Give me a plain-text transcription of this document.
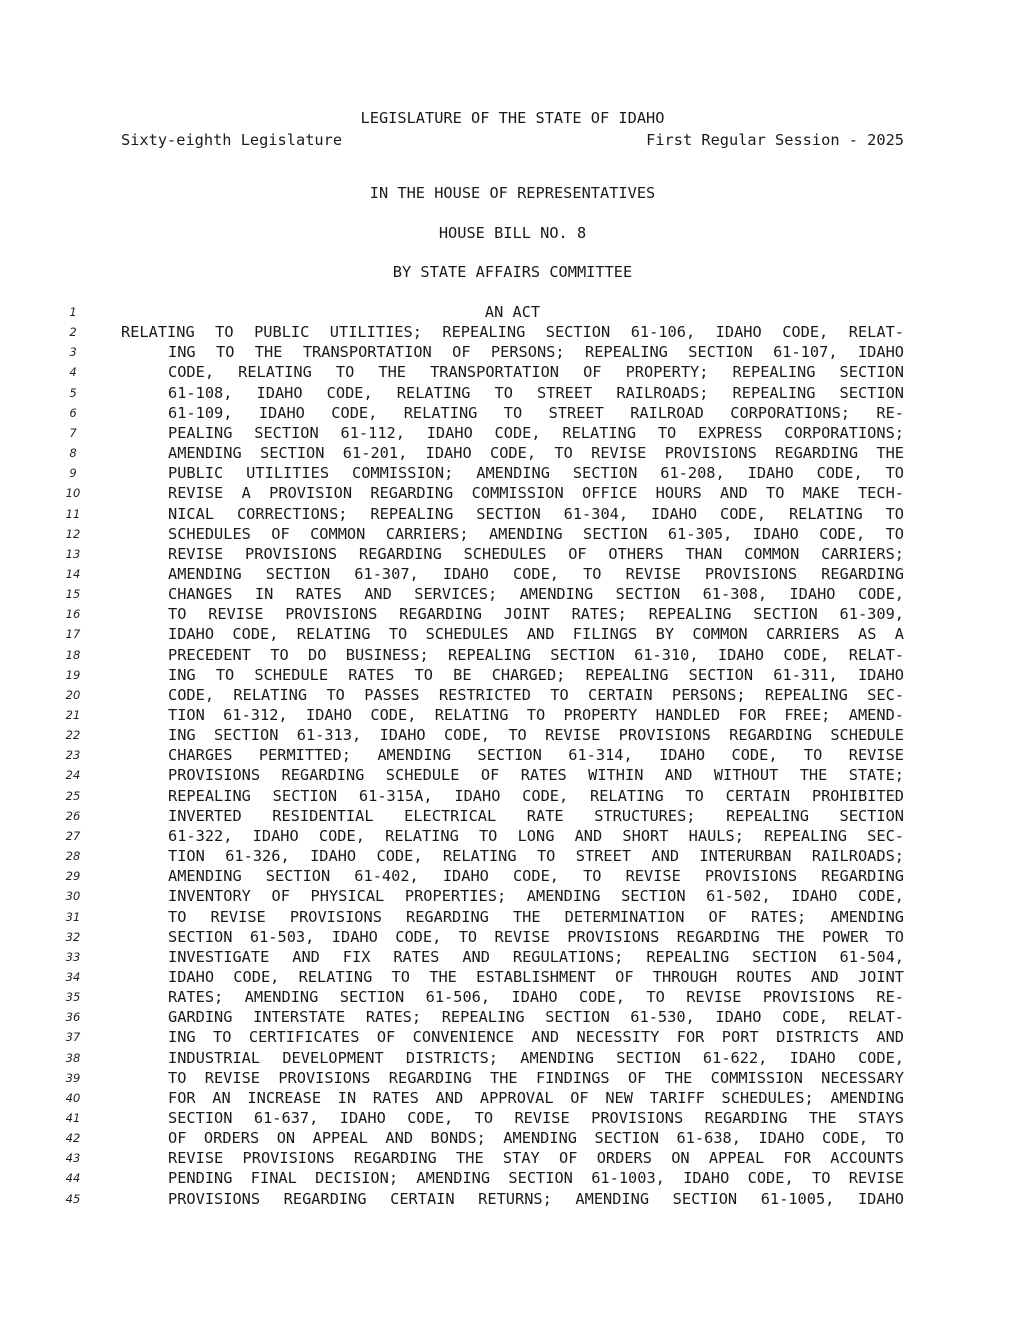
LEGISLATURE OF THE STATE OF IDAHO
Sixty-eighth Legislature	First Regular Session - 2025
IN THE HOUSE OF REPRESENTATIVES
HOUSE BILL NO. 8
BY STATE AFFAIRS COMMITTEE
1	AN ACT
2	RELATING TO PUBLIC UTILITIES; REPEALING SECTION 61-106, IDAHO CODE, RELAT-
3	ING TO THE TRANSPORTATION OF PERSONS; REPEALING SECTION 61-107, IDAHO
4	CODE, RELATING TO THE TRANSPORTATION OF PROPERTY; REPEALING SECTION
5	61-108, IDAHO CODE, RELATING TO STREET RAILROADS; REPEALING SECTION
6	61-109, IDAHO CODE, RELATING TO STREET RAILROAD CORPORATIONS; RE-
7	PEALING SECTION 61-112, IDAHO CODE, RELATING TO EXPRESS CORPORATIONS;
8	AMENDING SECTION 61-201, IDAHO CODE, TO REVISE PROVISIONS REGARDING THE
9	PUBLIC UTILITIES COMMISSION; AMENDING SECTION 61-208, IDAHO CODE, TO
10	REVISE A PROVISION REGARDING COMMISSION OFFICE HOURS AND TO MAKE TECH-
11	NICAL CORRECTIONS; REPEALING SECTION 61-304, IDAHO CODE, RELATING TO
12	SCHEDULES OF COMMON CARRIERS; AMENDING SECTION 61-305, IDAHO CODE, TO
13	REVISE PROVISIONS REGARDING SCHEDULES OF OTHERS THAN COMMON CARRIERS;
14	AMENDING SECTION 61-307, IDAHO CODE, TO REVISE PROVISIONS REGARDING
15	CHANGES IN RATES AND SERVICES; AMENDING SECTION 61-308, IDAHO CODE,
16	TO REVISE PROVISIONS REGARDING JOINT RATES; REPEALING SECTION 61-309,
17	IDAHO CODE, RELATING TO SCHEDULES AND FILINGS BY COMMON CARRIERS AS A
18	PRECEDENT TO DO BUSINESS; REPEALING SECTION 61-310, IDAHO CODE, RELAT-
19	ING TO SCHEDULE RATES TO BE CHARGED; REPEALING SECTION 61-311, IDAHO
20	CODE, RELATING TO PASSES RESTRICTED TO CERTAIN PERSONS; REPEALING SEC-
21	TION 61-312, IDAHO CODE, RELATING TO PROPERTY HANDLED FOR FREE; AMEND-
22	ING SECTION 61-313, IDAHO CODE, TO REVISE PROVISIONS REGARDING SCHEDULE
23	CHARGES PERMITTED; AMENDING SECTION 61-314, IDAHO CODE, TO REVISE
24	PROVISIONS REGARDING SCHEDULE OF RATES WITHIN AND WITHOUT THE STATE;
25	REPEALING SECTION 61-315A, IDAHO CODE, RELATING TO CERTAIN PROHIBITED
26	INVERTED RESIDENTIAL ELECTRICAL RATE STRUCTURES; REPEALING SECTION
27	61-322, IDAHO CODE, RELATING TO LONG AND SHORT HAULS; REPEALING SEC-
28	TION 61-326, IDAHO CODE, RELATING TO STREET AND INTERURBAN RAILROADS;
29	AMENDING SECTION 61-402, IDAHO CODE, TO REVISE PROVISIONS REGARDING
30	INVENTORY OF PHYSICAL PROPERTIES; AMENDING SECTION 61-502, IDAHO CODE,
31	TO REVISE PROVISIONS REGARDING THE DETERMINATION OF RATES; AMENDING
32	SECTION 61-503, IDAHO CODE, TO REVISE PROVISIONS REGARDING THE POWER TO
33	INVESTIGATE AND FIX RATES AND REGULATIONS; REPEALING SECTION 61-504,
34	IDAHO CODE, RELATING TO THE ESTABLISHMENT OF THROUGH ROUTES AND JOINT
35	RATES; AMENDING SECTION 61-506, IDAHO CODE, TO REVISE PROVISIONS RE-
36	GARDING INTERSTATE RATES; REPEALING SECTION 61-530, IDAHO CODE, RELAT-
37	ING TO CERTIFICATES OF CONVENIENCE AND NECESSITY FOR PORT DISTRICTS AND
38	INDUSTRIAL DEVELOPMENT DISTRICTS; AMENDING SECTION 61-622, IDAHO CODE,
39	TO REVISE PROVISIONS REGARDING THE FINDINGS OF THE COMMISSION NECESSARY
40	FOR AN INCREASE IN RATES AND APPROVAL OF NEW TARIFF SCHEDULES; AMENDING
41	SECTION 61-637, IDAHO CODE, TO REVISE PROVISIONS REGARDING THE STAYS
42	OF ORDERS ON APPEAL AND BONDS; AMENDING SECTION 61-638, IDAHO CODE, TO
43	REVISE PROVISIONS REGARDING THE STAY OF ORDERS ON APPEAL FOR ACCOUNTS
44	PENDING FINAL DECISION; AMENDING SECTION 61-1003, IDAHO CODE, TO REVISE
45	PROVISIONS REGARDING CERTAIN RETURNS; AMENDING SECTION 61-1005, IDAHO
